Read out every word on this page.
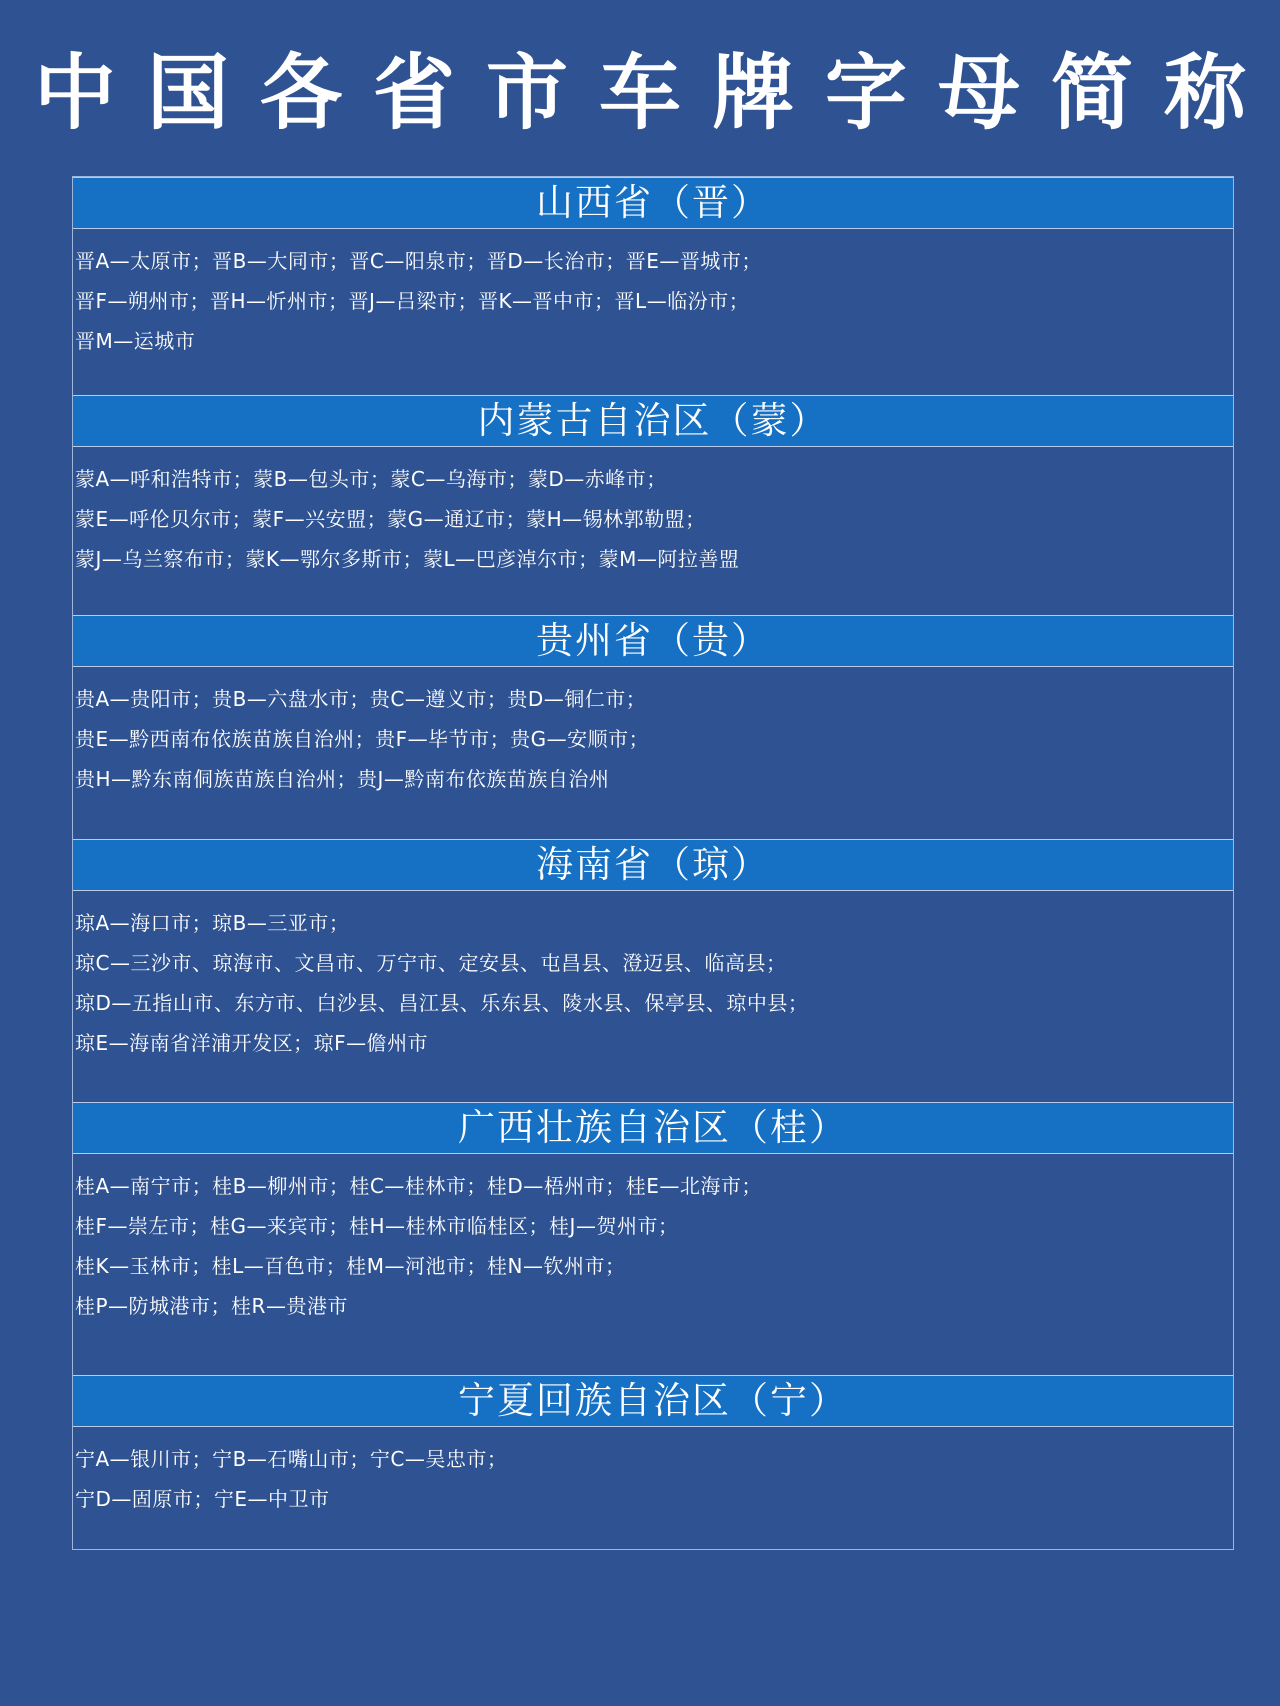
中国各省市车牌字母简称
山西省（晋）
晋A—太原市；晋B—大同市；晋C—阳泉市；晋D—长治市；晋E—晋城市；
晋F—朔州市；晋H—忻州市；晋J—吕梁市；晋K—晋中市；晋L—临汾市；
晋M—运城市
内蒙古自治区（蒙）
蒙A—呼和浩特市；蒙B—包头市；蒙C—乌海市；蒙D—赤峰市；
蒙E—呼伦贝尔市；蒙F—兴安盟；蒙G—通辽市；蒙H—锡林郭勒盟；
蒙J—乌兰察布市；蒙K—鄂尔多斯市；蒙L—巴彦淖尔市；蒙M—阿拉善盟
贵州省（贵）
贵A—贵阳市；贵B—六盘水市；贵C—遵义市；贵D—铜仁市；
贵E—黔西南布依族苗族自治州；贵F—毕节市；贵G—安顺市；
贵H—黔东南侗族苗族自治州；贵J—黔南布依族苗族自治州
海南省（琼）
琼A—海口市；琼B—三亚市；
琼C—三沙市、琼海市、文昌市、万宁市、定安县、屯昌县、澄迈县、临高县；
琼D—五指山市、东方市、白沙县、昌江县、乐东县、陵水县、保亭县、琼中县；
琼E—海南省洋浦开发区；琼F—儋州市
广西壮族自治区（桂）
桂A—南宁市；桂B—柳州市；桂C—桂林市；桂D—梧州市；桂E—北海市；
桂F—崇左市；桂G—来宾市；桂H—桂林市临桂区；桂J—贺州市；
桂K—玉林市；桂L—百色市；桂M—河池市；桂N—钦州市；
桂P—防城港市；桂R—贵港市
宁夏回族自治区（宁）
宁A—银川市；宁B—石嘴山市；宁C—吴忠市；
宁D—固原市；宁E—中卫市
